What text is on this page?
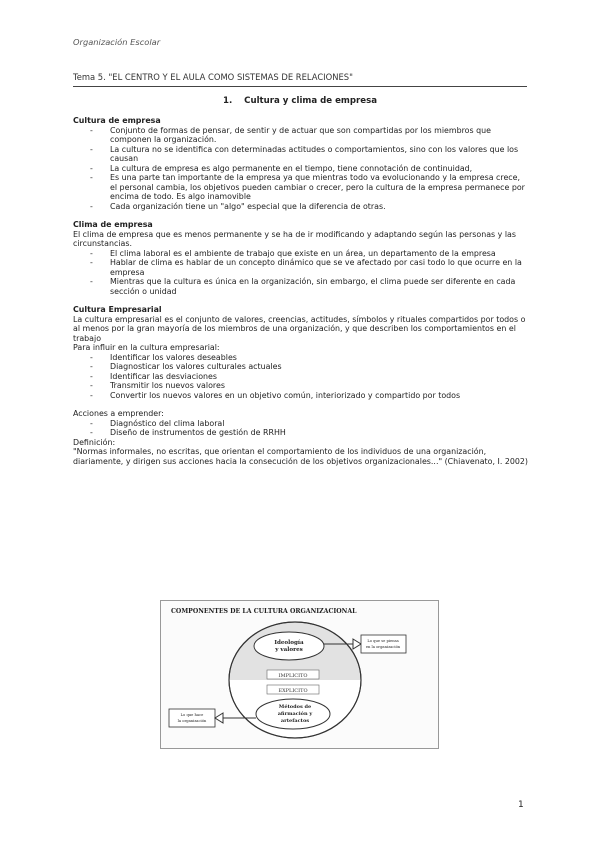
Organización Escolar
Tema 5. "EL CENTRO Y EL AULA COMO SISTEMAS DE RELACIONES"
1.    Cultura y clima de empresa
Cultura de empresa
- Conjunto de formas de pensar, de sentir y de actuar que son compartidas por los miembros que componen la organización.
- La cultura no se identifica con determinadas actitudes o comportamientos, sino con los valores que los causan
- La cultura de empresa es algo permanente en el tiempo, tiene connotación de continuidad,
- Es una parte tan importante de la empresa ya que mientras todo va evolucionando y la empresa crece, el personal cambia, los objetivos pueden cambiar o crecer, pero la cultura de la empresa permanece por encima de todo. Es algo inamovible
- Cada organización tiene un "algo" especial que la diferencia de otras.
Clima de empresa

El clima de empresa que es menos permanente y se ha de ir modificando y adaptando según las personas y las circunstancias.

- El clima laboral es el ambiente de trabajo que existe en un área, un departamento de la empresa
- Hablar de clima es hablar de un concepto dinámico que se ve afectado por casi todo lo que ocurre en la empresa
- Mientras que la cultura es única en la organización, sin embargo, el clima puede ser diferente en cada sección o unidad
Cultura Empresarial

La cultura empresarial es el conjunto de valores, creencias, actitudes, símbolos y rituales compartidos por todos o al menos por la gran mayoría de los miembros de una organización, y que describen los comportamientos en el trabajo

Para influir en la cultura empresarial:

- Identificar los valores deseables
- Diagnosticar los valores culturales actuales
- Identificar las desviaciones
- Transmitir los nuevos valores
- Convertir los nuevos valores en un objetivo común, interiorizado y compartido por todos

Acciones a emprender:

- Diagnóstico del clima laboral
- Diseño de instrumentos de gestión de RRHH

Definición:

"Normas informales, no escritas, que orientan el comportamiento de los individuos de una organización, diariamente, y dirigen sus acciones hacia la consecución de los objetivos organizacionales..." (Chiavenato, I. 2002)

COMPONENTES DE LA CULTURA ORGANIZACIONAL
Ideología
y valores
Lo que se piensa
en la organización
IMPLICITO
EXPLICITO
Métodos de
afirmación y
artefactos
Lo que hace
la organización
1
